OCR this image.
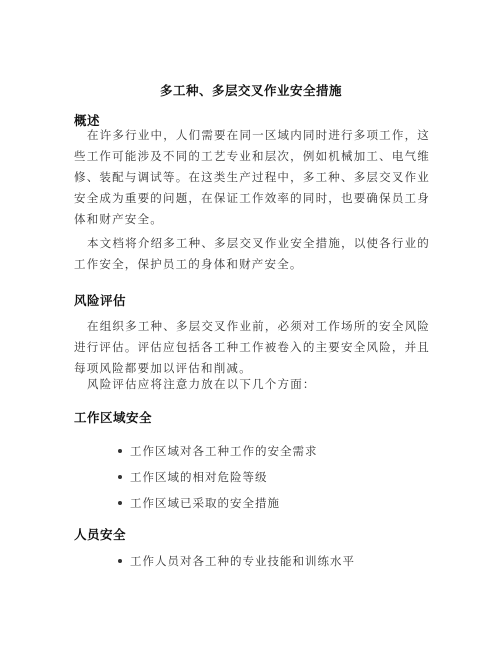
多工种、多层交叉作业安全措施
概述

在许多行业中，人们需要在同一区域内同时进行多项工作，这些工作可能涉及不同的工艺专业和层次，例如机械加工、电气维修、装配与调试等。在这类生产过程中，多工种、多层交叉作业安全成为重要的问题，在保证工作效率的同时，也要确保员工身体和财产安全。

本文档将介绍多工种、多层交叉作业安全措施，以使各行业的工作安全，保护员工的身体和财产安全。

风险评估

在组织多工种、多层交叉作业前，必须对工作场所的安全风险进行评估。评估应包括各工种工作被卷入的主要安全风险，并且每项风险都要加以评估和削减。

风险评估应将注意力放在以下几个方面：

工作区域安全
工作区域对各工种工作的安全需求
工作区域的相对危险等级
工作区域已采取的安全措施
人员安全
工作人员对各工种的专业技能和训练水平
